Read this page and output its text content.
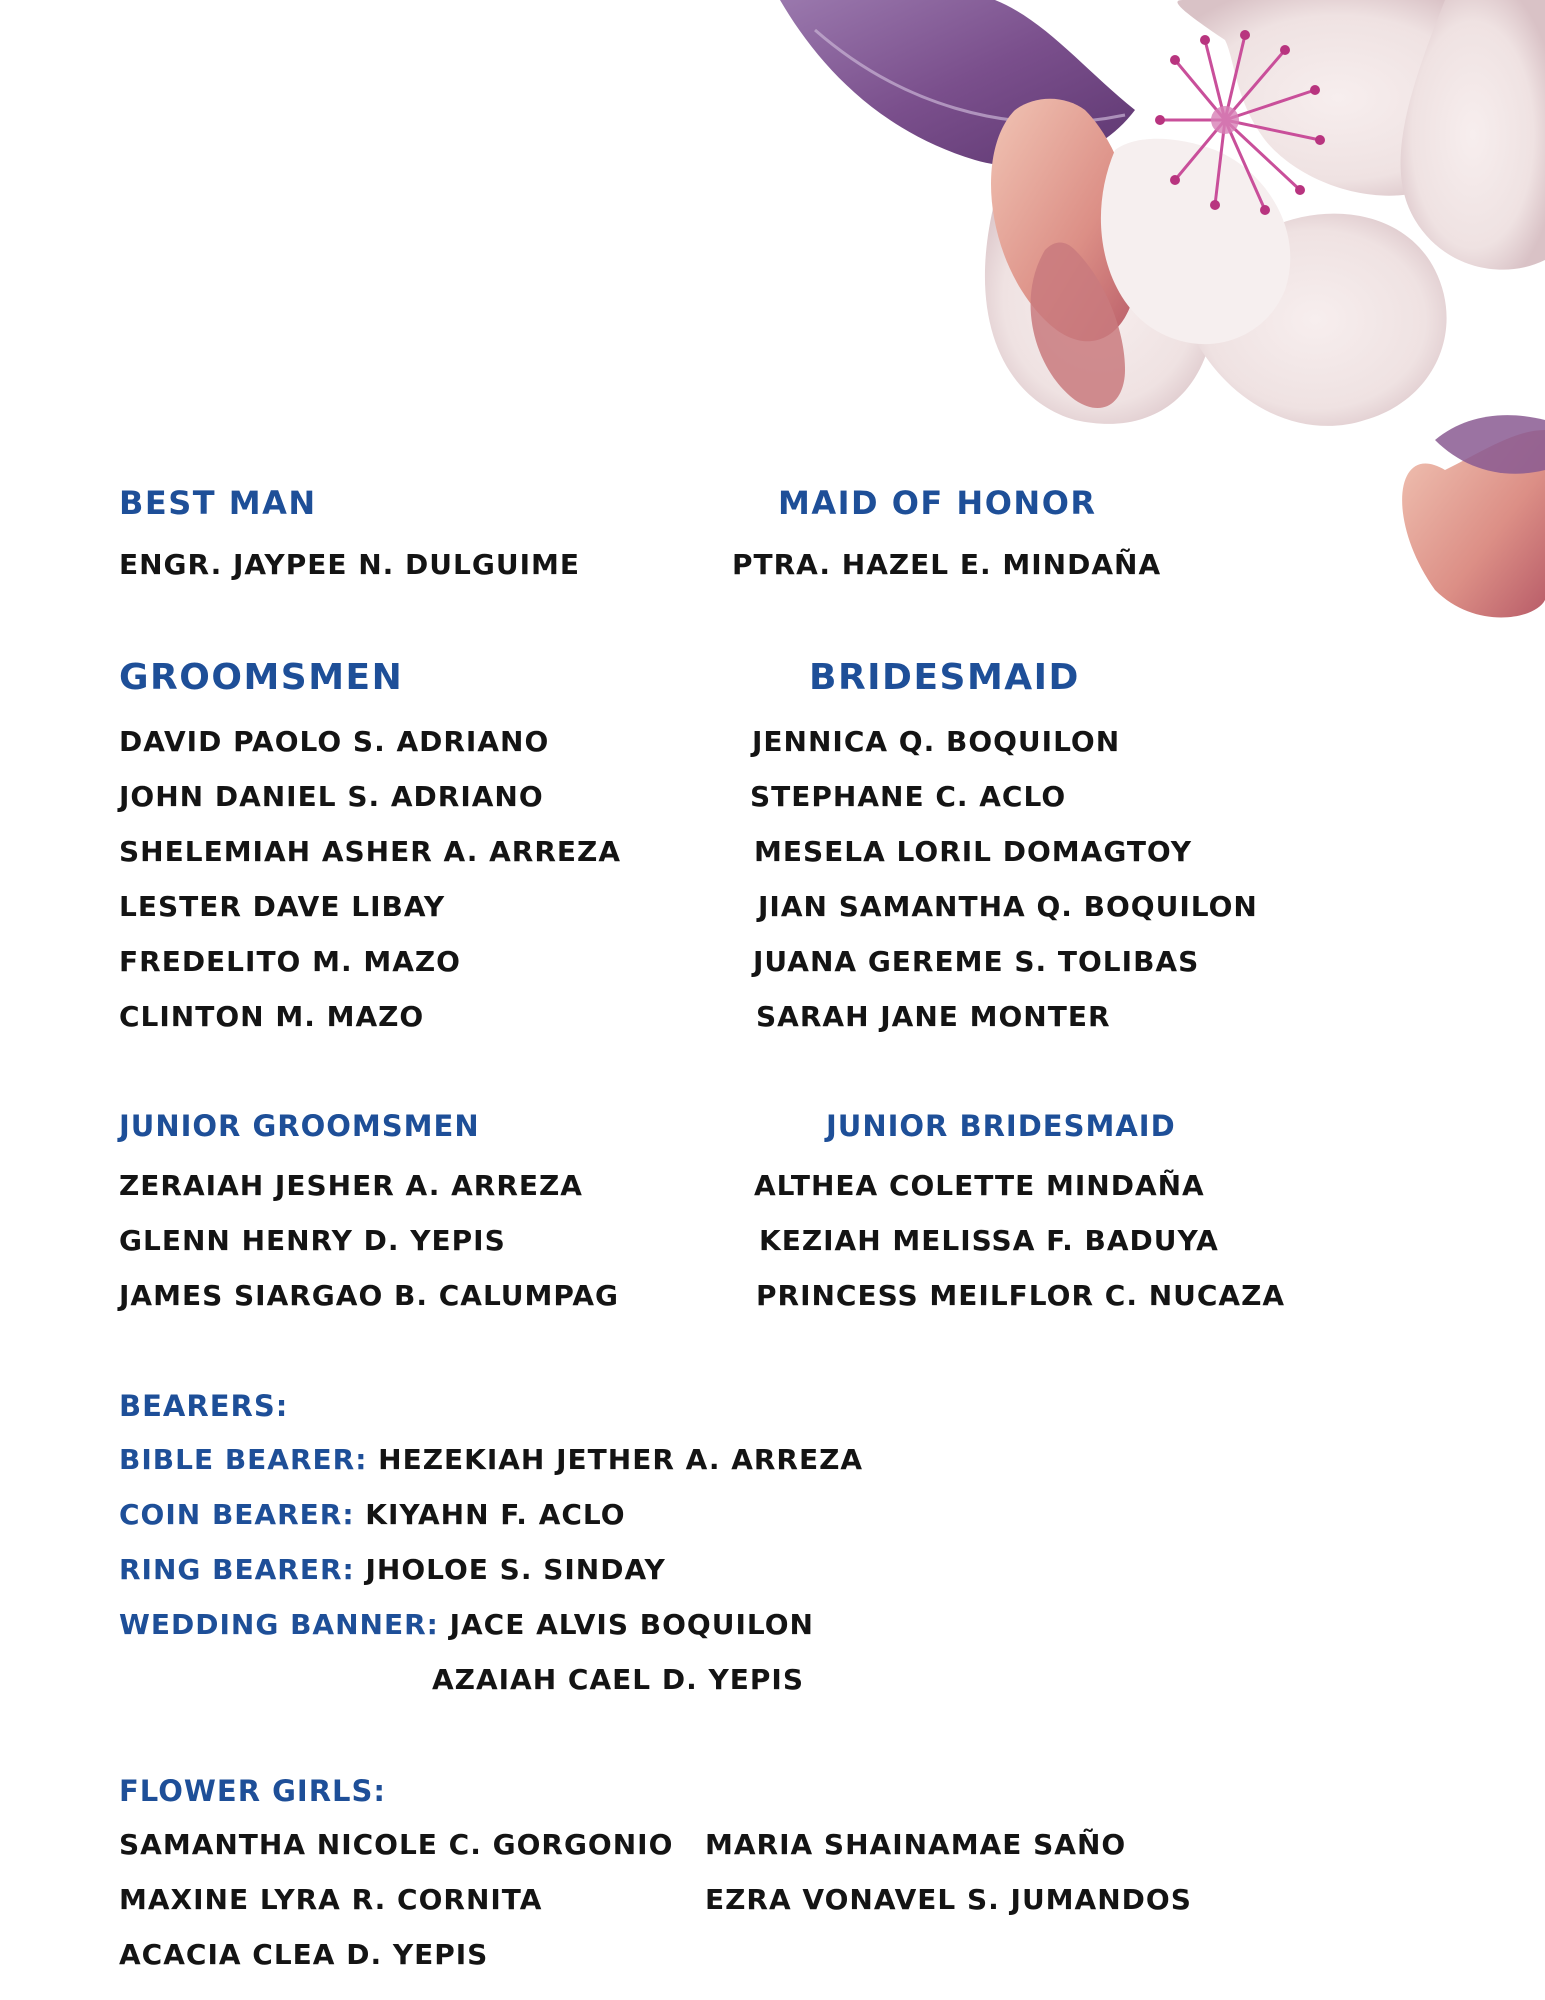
BEST MAN
ENGR. JAYPEE N. DULGUIME
MAID OF HONOR
PTRA. HAZEL E. MINDAÑA
GROOMSMEN
DAVID PAOLO S. ADRIANO
JOHN DANIEL S. ADRIANO
SHELEMIAH ASHER A. ARREZA
LESTER DAVE LIBAY
FREDELITO M. MAZO
CLINTON M. MAZO
BRIDESMAID
JENNICA Q. BOQUILON
STEPHANE C. ACLO
MESELA LORIL DOMAGTOY
JIAN SAMANTHA Q. BOQUILON
JUANA GEREME S. TOLIBAS
SARAH JANE MONTER
JUNIOR GROOMSMEN
ZERAIAH JESHER A. ARREZA
GLENN HENRY D. YEPIS
JAMES SIARGAO B. CALUMPAG
JUNIOR BRIDESMAID
ALTHEA COLETTE MINDAÑA
KEZIAH MELISSA F. BADUYA
PRINCESS MEILFLOR C. NUCAZA
BEARERS:
BIBLE BEARER: HEZEKIAH JETHER A. ARREZA
COIN BEARER: KIYAHN F. ACLO
RING BEARER: JHOLOE S. SINDAY
WEDDING BANNER: JACE ALVIS BOQUILON
AZAIAH CAEL D. YEPIS
FLOWER GIRLS:
SAMANTHA NICOLE C. GORGONIO
MAXINE LYRA R. CORNITA
ACACIA CLEA D. YEPIS
MARIA SHAINAMAE SAÑO
EZRA VONAVEL S. JUMANDOS
